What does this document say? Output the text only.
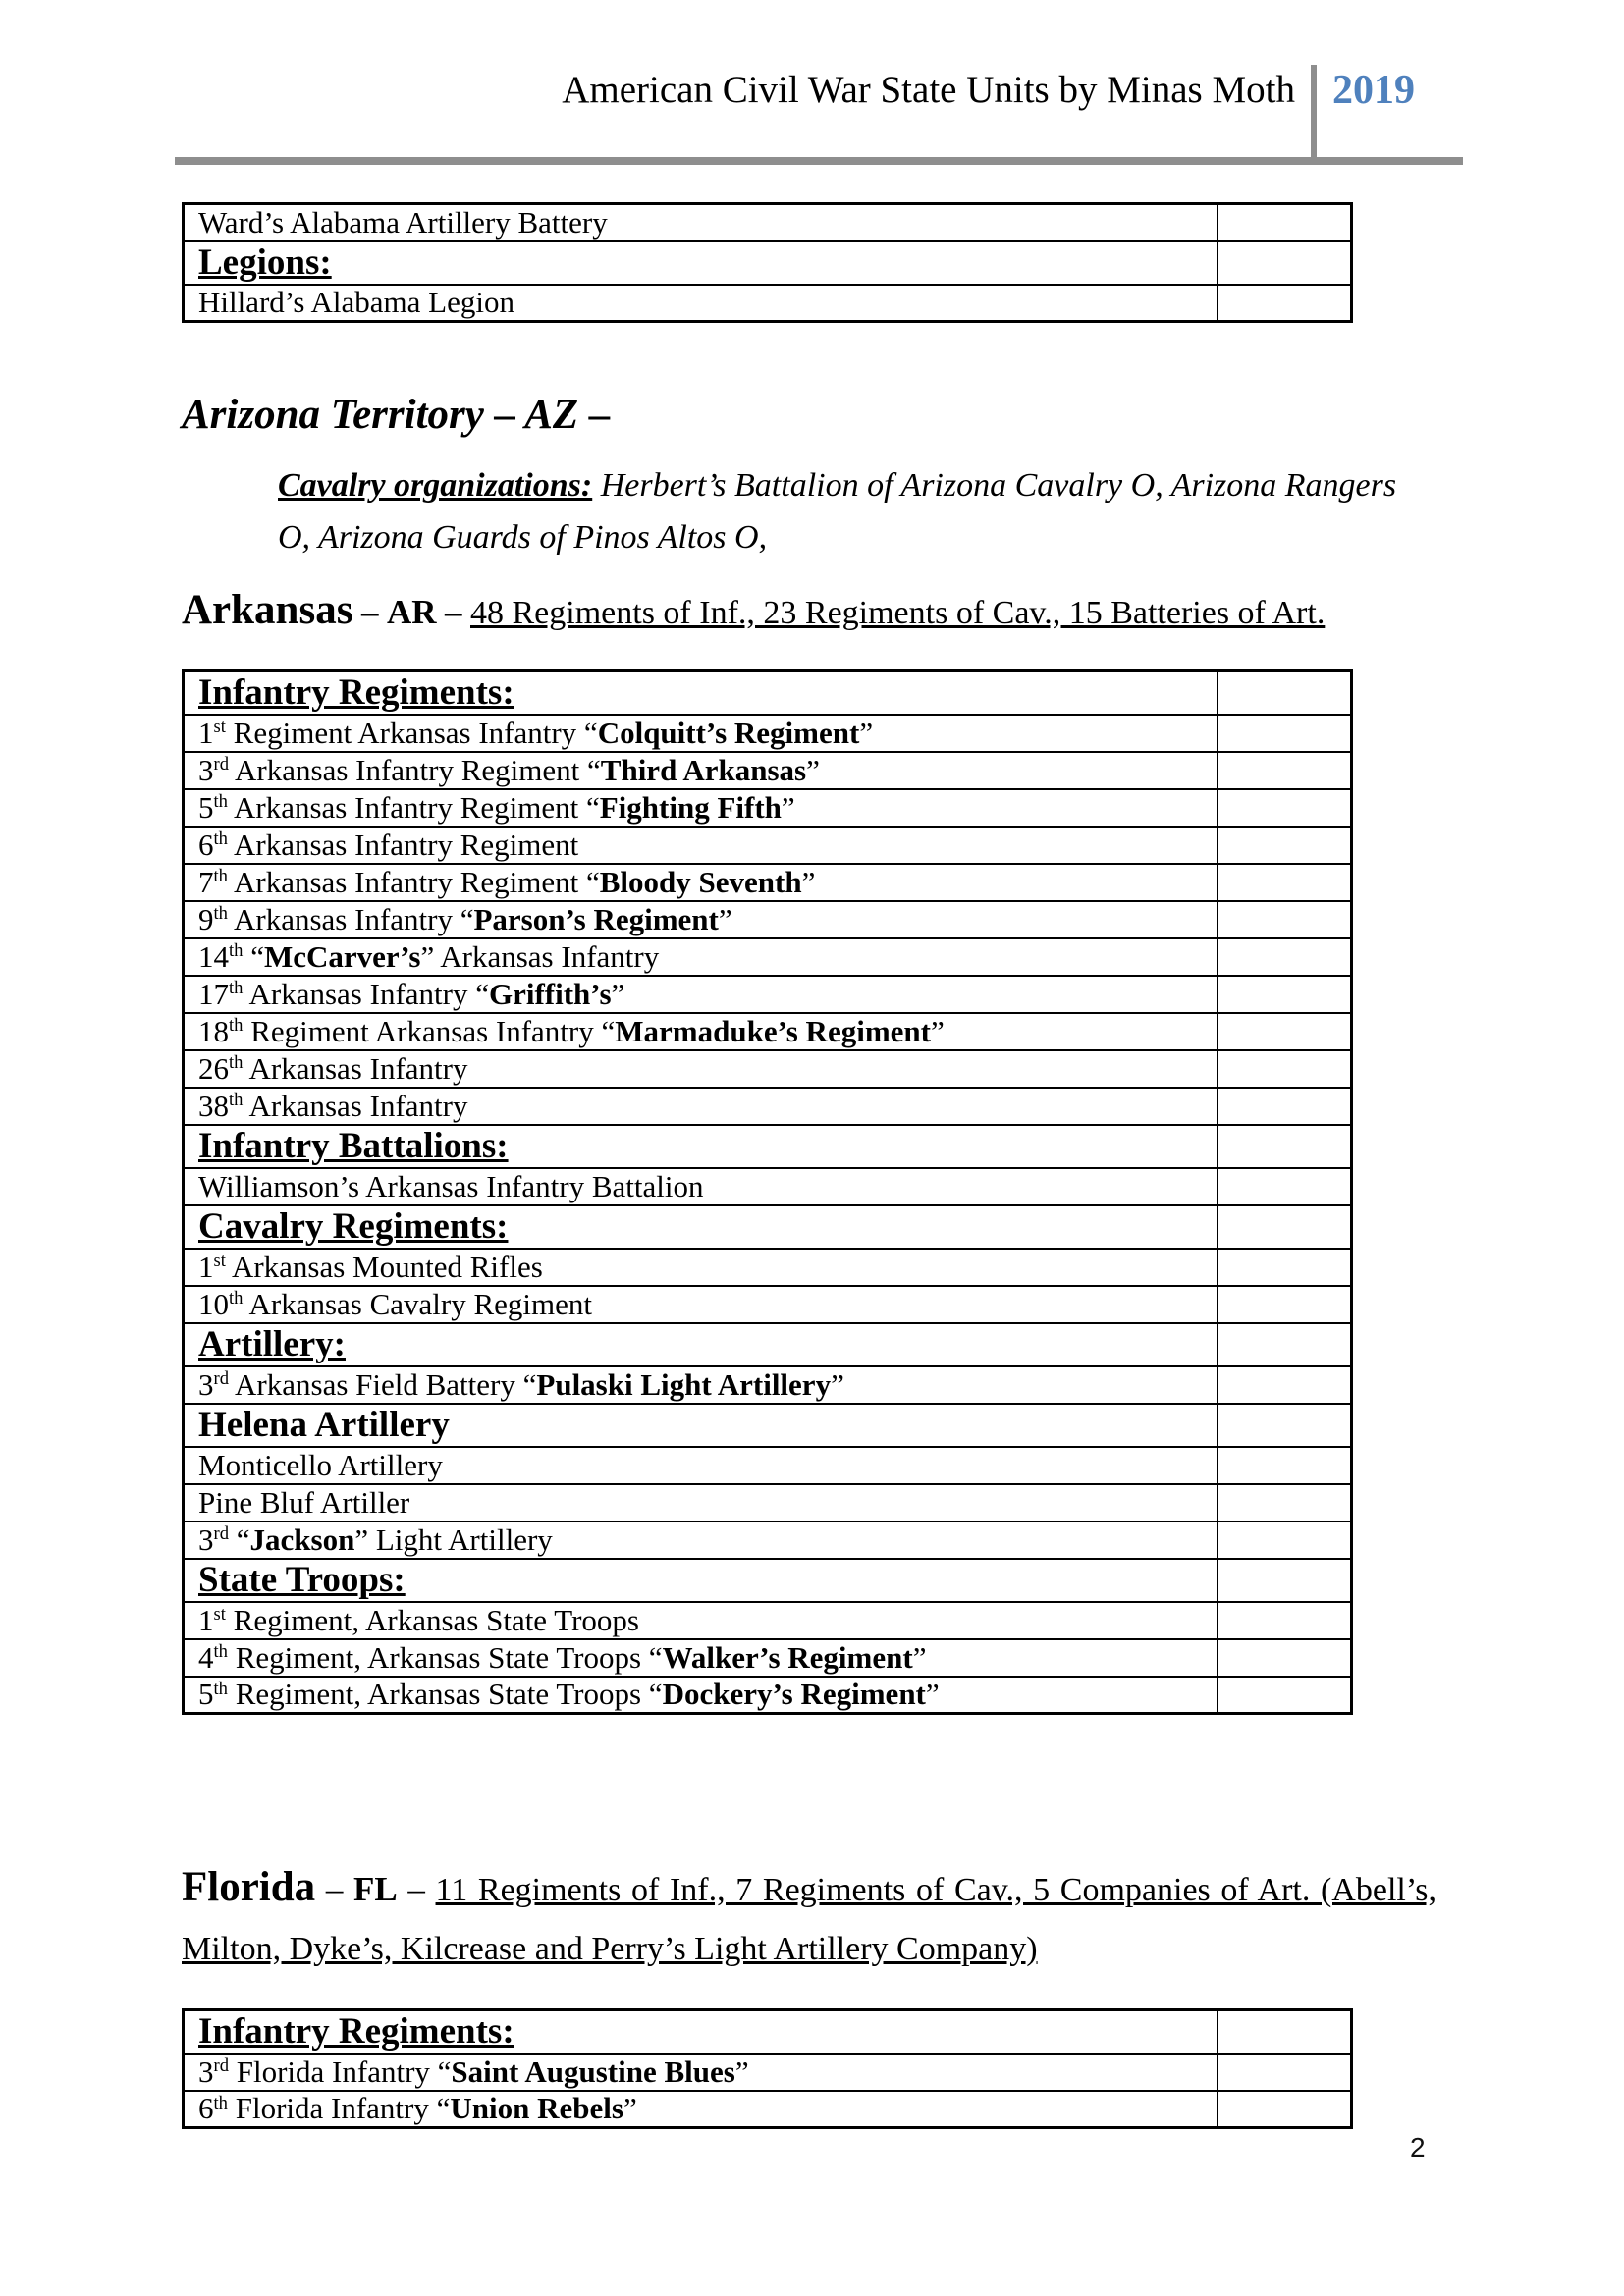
American Civil War State Units by Minas Moth 2019
Ward’s Alabama Artillery Battery	
Legions:	
Hillard’s Alabama Legion	
Arizona Territory – AZ –
Cavalry organizations: Herbert’s Battalion of Arizona Cavalry O, Arizona Rangers
O, Arizona Guards of Pinos Altos O,
Arkansas – AR – 48 Regiments of Inf., 23 Regiments of Cav., 15 Batteries of Art.
Infantry Regiments:	
1st Regiment Arkansas Infantry “Colquitt’s Regiment”	
3rd Arkansas Infantry Regiment “Third Arkansas”	
5th Arkansas Infantry Regiment “Fighting Fifth”	
6th Arkansas Infantry Regiment	
7th Arkansas Infantry Regiment “Bloody Seventh”	
9th Arkansas Infantry “Parson’s Regiment”	
14th “McCarver’s” Arkansas Infantry	
17th Arkansas Infantry “Griffith’s”	
18th Regiment Arkansas Infantry “Marmaduke’s Regiment”	
26th Arkansas Infantry	
38th Arkansas Infantry	
Infantry Battalions:	
Williamson’s Arkansas Infantry Battalion	
Cavalry Regiments:	
1st Arkansas Mounted Rifles	
10th Arkansas Cavalry Regiment	
Artillery:	
3rd Arkansas Field Battery “Pulaski Light Artillery”	
Helena Artillery	
Monticello Artillery	
Pine Bluf Artiller	
3rd “Jackson” Light Artillery	
State Troops:	
1st Regiment, Arkansas State Troops	
4th Regiment, Arkansas State Troops “Walker’s Regiment”	
5th Regiment, Arkansas State Troops “Dockery’s Regiment”	
Florida – FL – 11 Regiments of Inf., 7 Regiments of Cav., 5 Companies of Art. (Abell’s,
Milton, Dyke’s, Kilcrease and Perry’s Light Artillery Company)
Infantry Regiments:	
3rd Florida Infantry “Saint Augustine Blues”	
6th Florida Infantry “Union Rebels”	
2
